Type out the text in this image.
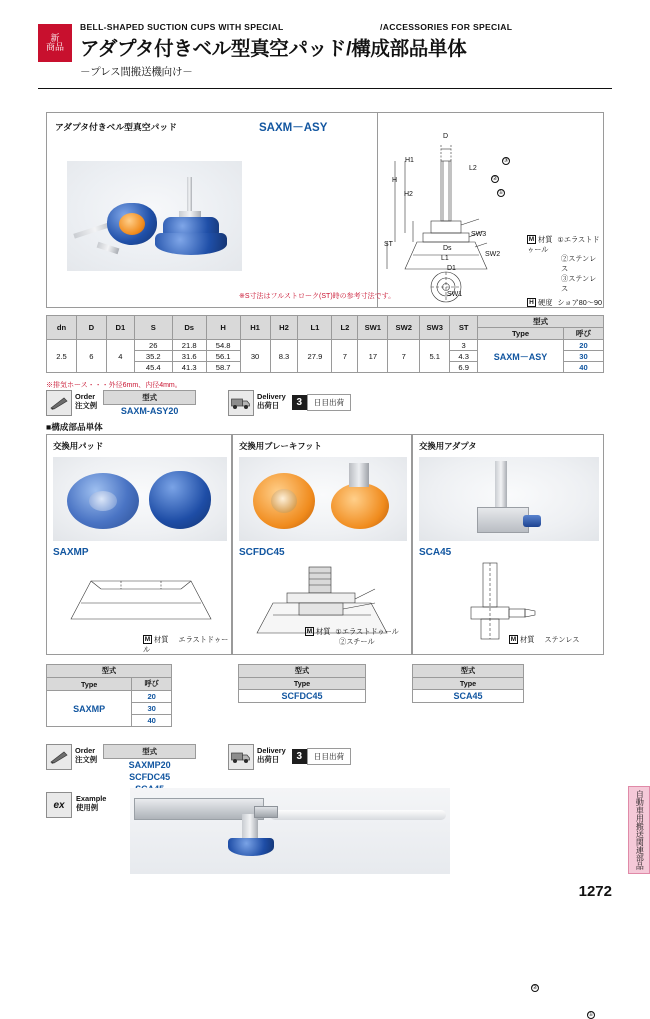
新
商品
BELL-SHAPED SUCTION CUPS WITH SPECIAL	/ACCESSORIES FOR SPECIAL
アダプタ付きベル型真空パッド/構成部品単体
－プレス間搬送機向け－
アダプタ付きベル型真空パッド	SAXM－ASY
D
H1
H
H2
L2
ST
Ds
SW3
D1
L1
SW2
SW1
③
②
①
M 材質 ①エラストドゥール
②ステンレス
③ステンレス
H 硬度 ショア80～90
※S寸法はフルストローク(ST)時の参考寸法です。
dn	D	D1	S	Ds	H	H1	H2	L1	L2	SW1	SW2	SW3	ST	型式	
														Type	呼び
2.5	6	4	26	21.8	54.8	30	8.3	27.9	7	17	7	5.1	3	SAXM－ASY	20
			35.2	31.6	56.1								4.3		30
			45.4	41.3	58.7								6.9		40
※排気ホース・・・外径6mm、内径4mm。
Order
注文例
型式
SAXM-ASY20
Delivery
出荷日	3	日目出荷
■構成部品単体
交換用パッド
SAXMP
M 材質 エラストドゥール
交換用ブレーキフット
SCFDC45
②
①
M 材質 ①エラストドゥール
②スチール
交換用アダプタ
SCA45
M 材質 ステンレス
型式	
Type	呼び
SAXMP	20
	30
	40
型式
Type
SCFDC45
型式
Type
SCA45
Order
注文例
型式
SAXMP20
SCFDC45

Delivery
出荷日	3	日目出荷
ex
Example
使用例	自動車用搬送関連部品
1272
